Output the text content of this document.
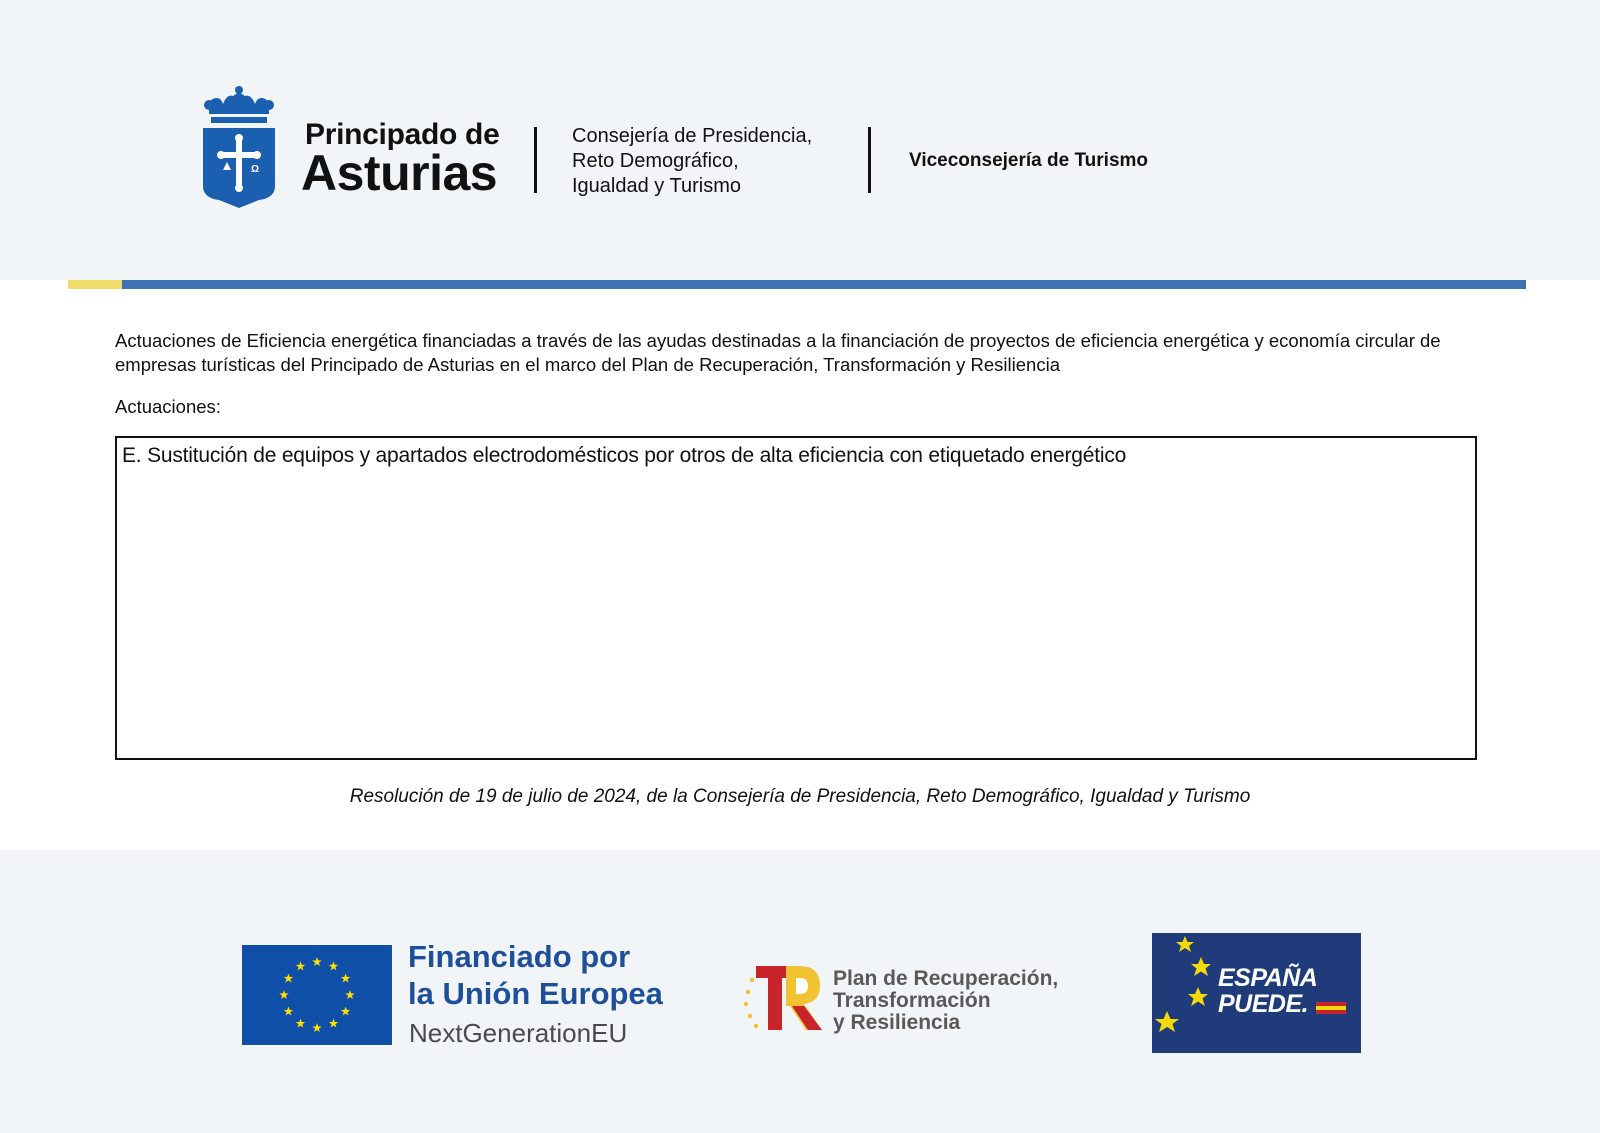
Ω
Principado de
Asturias
Consejería de Presidencia,
Reto Demográfico,
Igualdad y Turismo
Viceconsejería de Turismo
Actuaciones de Eficiencia energética financiadas a través de las ayudas destinadas a la financiación de proyectos de eficiencia energética y economía circular de empresas turísticas del Principado de Asturias en el marco del Plan de Recuperación, Transformación y Resiliencia
Actuaciones:
E. Sustitución de equipos y apartados electrodomésticos por otros de alta eficiencia con etiquetado energético
Resolución de 19 de julio de 2024, de la Consejería de Presidencia, Reto Demográfico, Igualdad y Turismo
Financiado por
la Unión Europea
NextGenerationEU
Plan de Recuperación,
Transformación
y Resiliencia
ESPAÑA
PUEDE.
